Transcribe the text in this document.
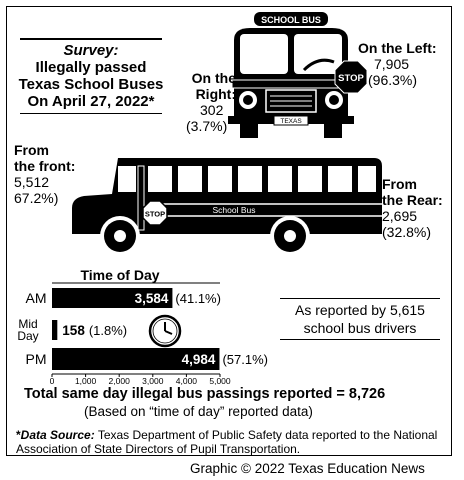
Survey:
Illegally passed
Texas School Buses
On April 27, 2022*
SCHOOL BUS
TEXAS
STOP
On the Left:
7,905
(96.3%)
On the
Right:
302
(3.7%)
School Bus
STOP
From
the front:
5,512
67.2%)
From
the Rear:
2,695
(32.8%)
Time of Day
AM	3,584 (41.1%)
Mid
Day 158 (1.8%)
PM	4,984 (57.1%)
0 1,000 2,000 3,000 4,000 5,000
As reported by 5,615
school bus drivers
Total same day illegal bus passings reported = 8,726
(Based on “time of day” reported data)
*Data Source: Texas Department of Public Safety data reported to the National Association of State Directors of Pupil Transportation.
Graphic © 2022 Texas Education News
